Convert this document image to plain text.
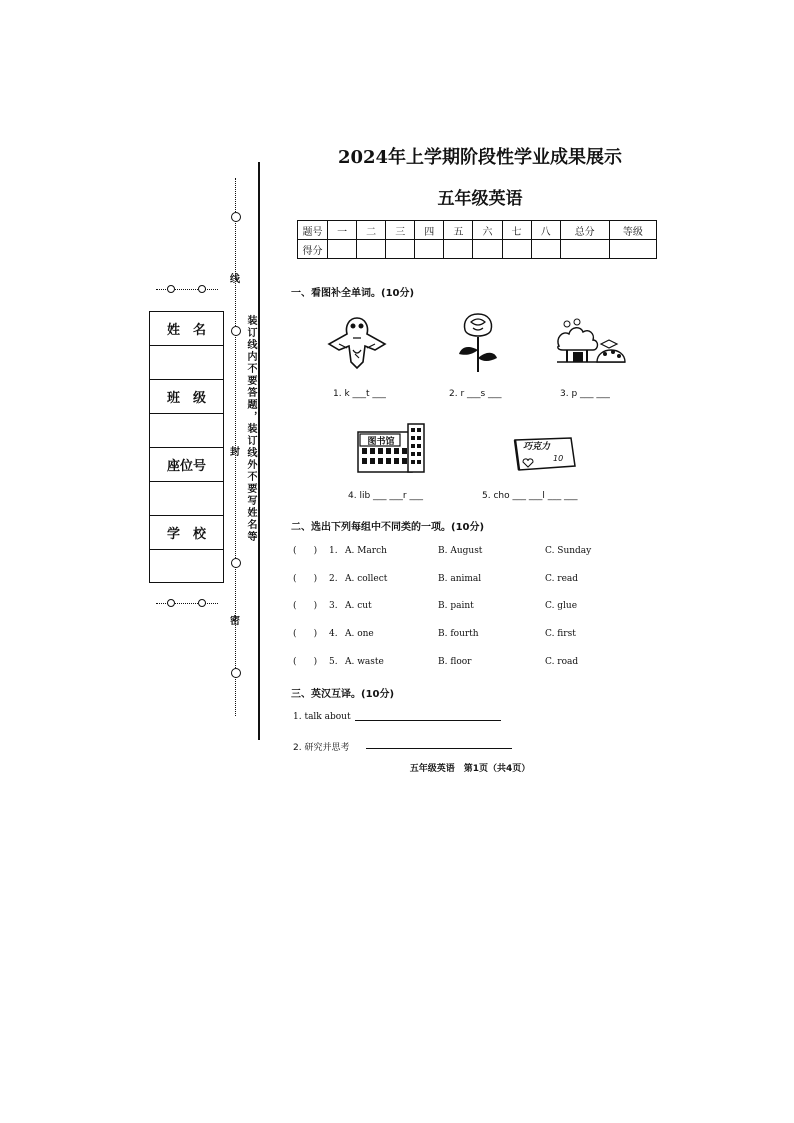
2024年上学期阶段性学业成果展示
五年级英语
题号	一	二	三	四	五	六	七	八	总分	等级
得分										
线
封
密
装订线内不要答题，装订线外不要写姓名等
姓　名
班　级
座位号
学　校
一、看图补全单词。(10分)
1. k ___t ___	2. r ___s ___	3. p ___ ___
图书馆	巧克力
10
4. lib ___ ___r ___	5. cho ___ ___l ___ ___
二、选出下列每组中不同类的一项。(10分)
(      ) 1. A. March	B. August	C. Sunday
(      ) 2. A. collect	B. animal	C. read
(      ) 3. A. cut	B. paint	C. glue
(      ) 4. A. one	B. fourth	C. first
(      ) 5. A. waste	B. floor	C. road
三、英汉互译。(10分)
1. talk about
2. 研究并思考
五年级英语　第1页（共4页）
